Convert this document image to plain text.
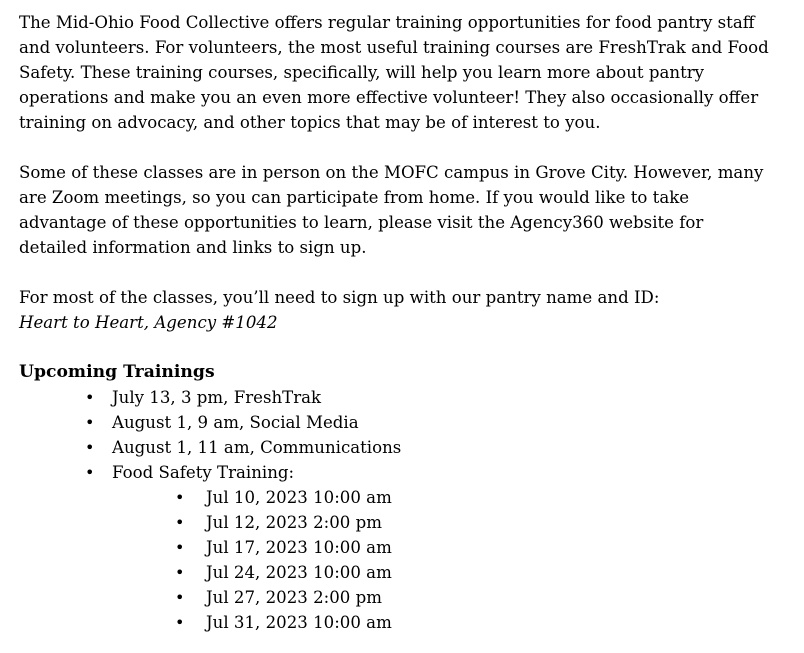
The Mid-Ohio Food Collective offers regular training opportunities for food pantry staff
and volunteers. For volunteers, the most useful training courses are FreshTrak and Food
Safety. These training courses, specifically, will help you learn more about pantry
operations and make you an even more effective volunteer! They also occasionally offer
training on advocacy, and other topics that may be of interest to you.

Some of these classes are in person on the MOFC campus in Grove City. However, many
are Zoom meetings, so you can participate from home. If you would like to take
advantage of these opportunities to learn, please visit the Agency360 website for
detailed information and links to sign up.

For most of the classes, you’ll need to sign up with our pantry name and ID:
Heart to Heart, Agency #1042

Upcoming Trainings
• July 13, 3 pm, FreshTrak
• August 1, 9 am, Social Media
• August 1, 11 am, Communications
• Food Safety Training:
• Jul 10, 2023 10:00 am
• Jul 12, 2023 2:00 pm
• Jul 17, 2023 10:00 am
• Jul 24, 2023 10:00 am
• Jul 27, 2023 2:00 pm
• Jul 31, 2023 10:00 am
